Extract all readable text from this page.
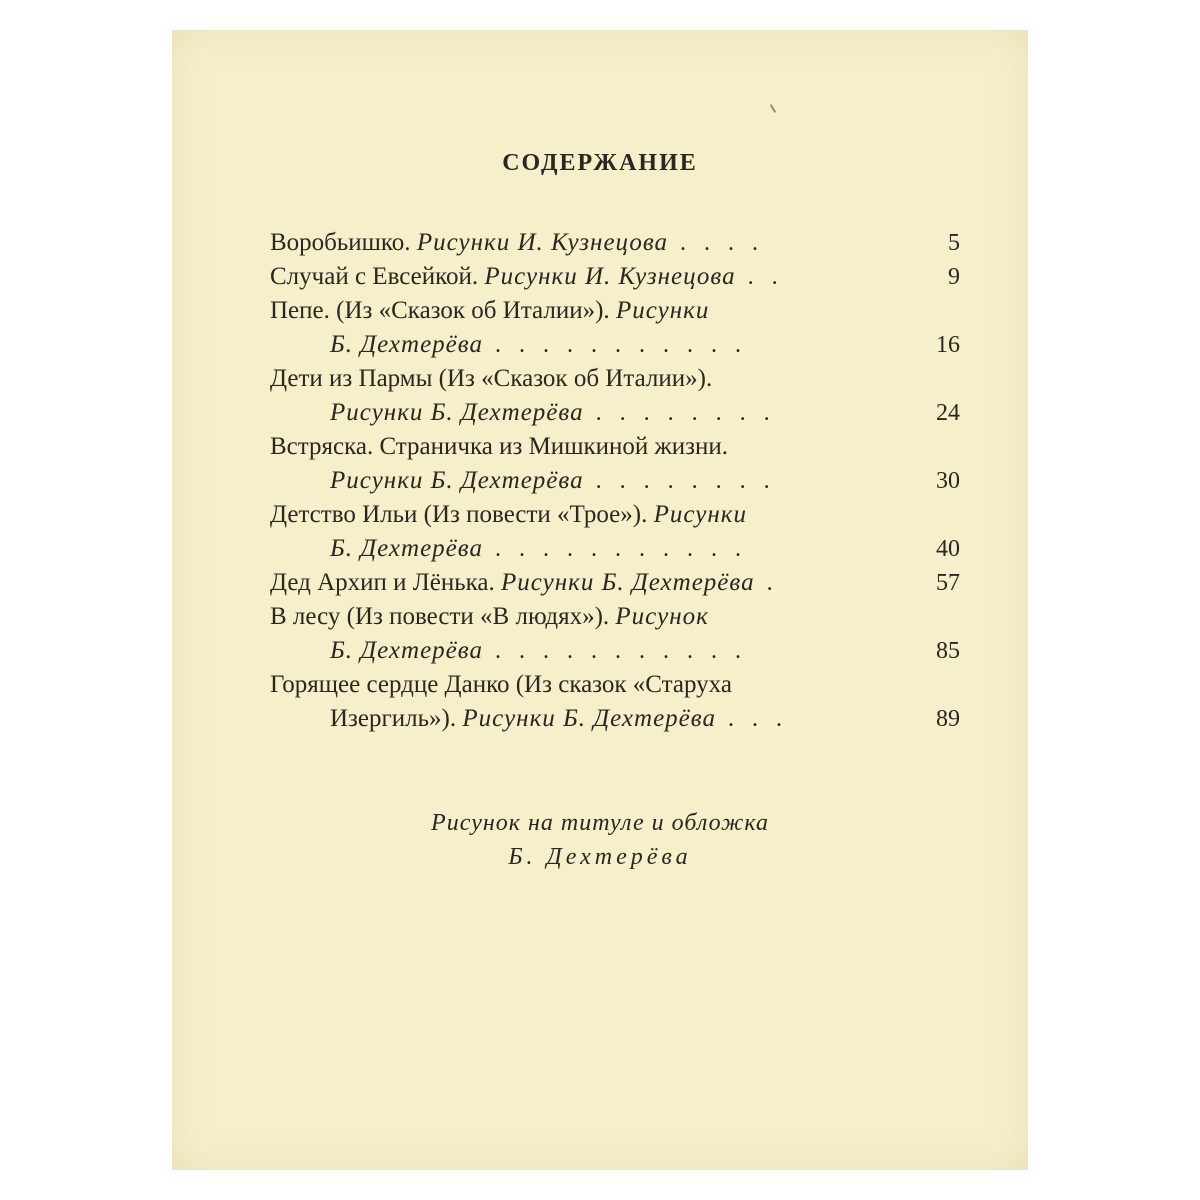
СОДЕРЖАНИЕ
Воробьишко. Рисунки И. Кузнецова . . . .	5
Случай с Евсейкой. Рисунки И. Кузнецова . .	9
Пепе. (Из «Сказок об Италии»). Рисунки
Б. Дехтерёва . . . . . . . . . . .	16
Дети из Пармы (Из «Сказок об Италии»).
Рисунки Б. Дехтерёва . . . . . . . .	24
Встряска. Страничка из Мишкиной жизни.
Рисунки Б. Дехтерёва . . . . . . . .	30
Детство Ильи (Из повести «Трое»). Рисунки
Б. Дехтерёва . . . . . . . . . . .	40
Дед Архип и Лёнька. Рисунки Б. Дехтерёва .	57
В лесу (Из повести «В людях»). Рисунок
Б. Дехтерёва . . . . . . . . . . .	85
Горящее сердце Данко (Из сказок «Старуха
Изергиль»). Рисунки Б. Дехтерёва . . .	89
Рисунок на титуле и обложка
Б. Дехтерёва
